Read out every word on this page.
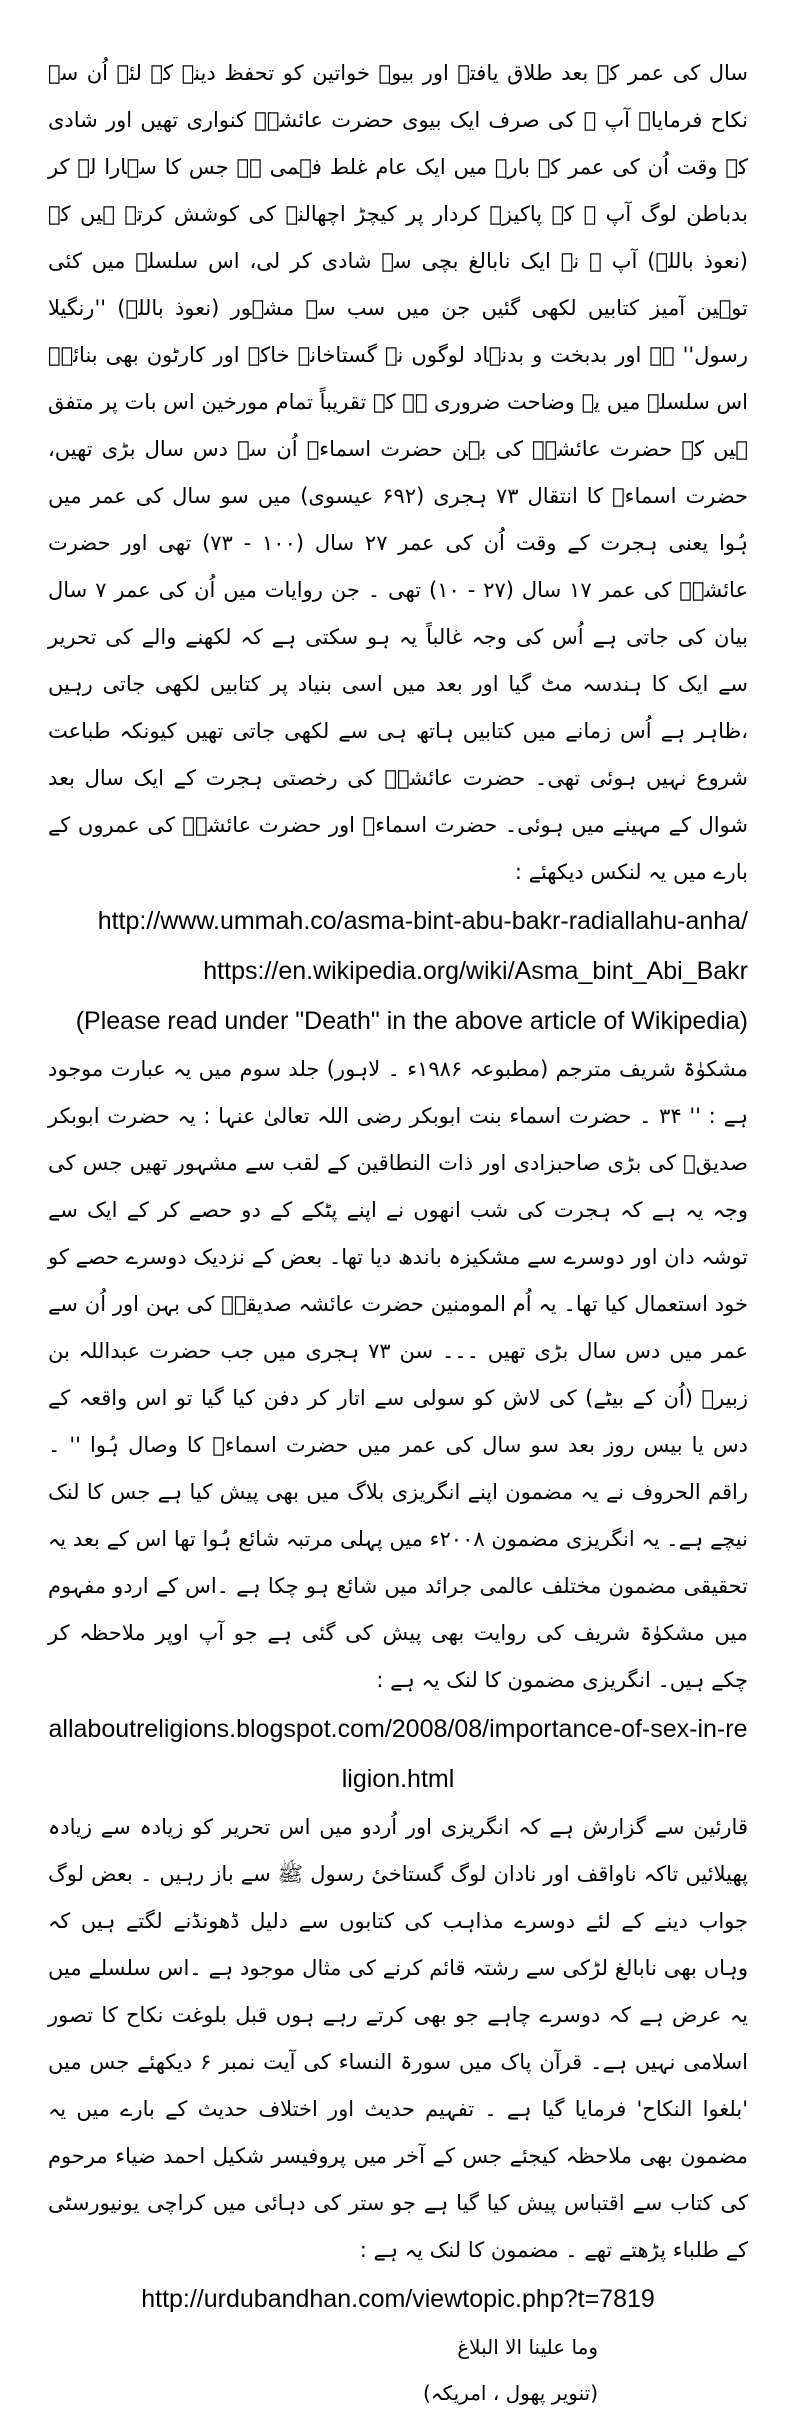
سال کی عمر کے بعد طلاق یافتہ اور بیوہ خواتین کو تحفظ دینے کے لئے اُن سے نکاح فرمایا۔ آپ ﷺ کی صرف ایک بیوی حضرت عائشہؓ کنواری تھیں اور شادی کے وقت اُن کی عمر کے بارے میں ایک عام غلط فہمی ہے جس کا سہارا لے کر بدباطن لوگ آپ ﷺ کے پاکیزہ کردار پر کیچڑ اچھالنے کی کوشش کرتے ہیں کہ (نعوذ باللہ) آپ ﷺ نے ایک نابالغ بچی سے شادی کر لی، اس سلسلے میں کئی توہین آمیز کتابیں لکھی گئیں جن میں سب سے مشہور (نعوذ باللہ) ''رنگیلا رسول'' ہے اور بدبخت و بدنہاد لوگوں نے گستاخانہ خاکے اور کارٹون بھی بنائے۔ اس سلسلے میں یہ وضاحت ضروری ہے کہ تقریباً تمام مورخین اس بات پر متفق ہیں کہ حضرت عائشہؓ کی بہن حضرت اسماءؓ اُن سے دس سال بڑی تھیں، حضرت اسماءؓ کا انتقال ۷۳ ہجری (۶۹۲ عیسوی) میں سو سال کی عمر میں ہُوا یعنی ہجرت کے وقت اُن کی عمر ۲۷ سال (۱۰۰ - ۷۳) تھی اور حضرت عائشہؓ کی عمر ۱۷ سال (۲۷ - ۱۰) تھی ۔ جن روایات میں اُن کی عمر ۷ سال بیان کی جاتی ہے اُس کی وجہ غالباً یہ ہو سکتی ہے کہ لکھنے والے کی تحریر سے ایک کا ہندسہ مٹ گیا اور بعد میں اسی بنیاد پر کتابیں لکھی جاتی رہیں ،ظاہر ہے اُس زمانے میں کتابیں ہاتھ ہی سے لکھی جاتی تھیں کیونکہ طباعت شروع نہیں ہوئی تھی۔ حضرت عائشہؓ کی رخصتی ہجرت کے ایک سال بعد شوال کے مہینے میں ہوئی۔ حضرت اسماءؓ اور حضرت عائشہؓ کی عمروں کے بارے میں یہ لنکس دیکھئے :

http://www.ummah.co/asma-bint-abu-bakr-radiallahu-anha/

https://en.wikipedia.org/wiki/Asma_bint_Abi_Bakr

(Please read under "Death" in the above article of Wikipedia)

مشکوٰۃ شریف مترجم (مطبوعہ ۱۹۸۶ء ۔ لاہور) جلد سوم میں یہ عبارت موجود ہے : '' ۳۴ ۔ حضرت اسماء بنت ابوبکر رضی اللہ تعالیٰ عنہا : یہ حضرت ابوبکر صدیقؓ کی بڑی صاحبزادی اور ذات النطاقین کے لقب سے مشہور تھیں جس کی وجہ یہ ہے کہ ہجرت کی شب انھوں نے اپنے پٹکے کے دو حصے کر کے ایک سے توشہ دان اور دوسرے سے مشکیزہ باندھ دیا تھا۔ بعض کے نزدیک دوسرے حصے کو خود استعمال کیا تھا۔ یہ اُم المومنین حضرت عائشہ صدیقہؓ کی بہن اور اُن سے عمر میں دس سال بڑی تھیں ۔۔۔ سن ۷۳ ہجری میں جب حضرت عبداللہ بن زبیرؓ (اُن کے بیٹے) کی لاش کو سولی سے اتار کر دفن کیا گیا تو اس واقعہ کے دس یا بیس روز بعد سو سال کی عمر میں حضرت اسماءؓ کا وصال ہُوا '' ۔ راقم الحروف نے یہ مضمون اپنے انگریزی بلاگ میں بھی پیش کیا ہے جس کا لنک نیچے ہے۔ یہ انگریزی مضمون ۲۰۰۸ء میں پہلی مرتبہ شائع ہُوا تھا اس کے بعد یہ تحقیقی مضمون مختلف عالمی جرائد میں شائع ہو چکا ہے ۔اس کے اردو مفہوم میں مشکوٰۃ شریف کی روایت بھی پیش کی گئی ہے جو آپ اوپر ملاحظہ کر چکے ہیں۔ انگریزی مضمون کا لنک یہ ہے :

allaboutreligions.blogspot.com/2008/08/importance-of-sex-in-religion.html

قارئین سے گزارش ہے کہ انگریزی اور اُردو میں اس تحریر کو زیادہ سے زیادہ پھیلائیں تاکہ ناواقف اور نادان لوگ گستاخیٔ رسول ﷺ سے باز رہیں ۔ بعض لوگ جواب دینے کے لئے دوسرے مذاہب کی کتابوں سے دلیل ڈھونڈنے لگتے ہیں کہ وہاں بھی نابالغ لڑکی سے رشتہ قائم کرنے کی مثال موجود ہے ۔اس سلسلے میں یہ عرض ہے کہ دوسرے چاہے جو بھی کرتے رہے ہوں قبل بلوغت نکاح کا تصور اسلامی نہیں ہے۔ قرآن پاک میں سورۃ النساء کی آیت نمبر ۶ دیکھئے جس میں 'بلغوا النکاح' فرمایا گیا ہے ۔ تفہیم حدیث اور اختلاف حدیث کے بارے میں یہ مضمون بھی ملاحظہ کیجئے جس کے آخر میں پروفیسر شکیل احمد ضیاء مرحوم کی کتاب سے اقتباس پیش کیا گیا ہے جو ستر کی دہائی میں کراچی یونیورسٹی کے طلباء پڑھتے تھے ۔ مضمون کا لنک یہ ہے :

http://urdubandhan.com/viewtopic.php?t=7819

وما علینا الا البلاغ

(تنویر پھول ، امریکہ)
